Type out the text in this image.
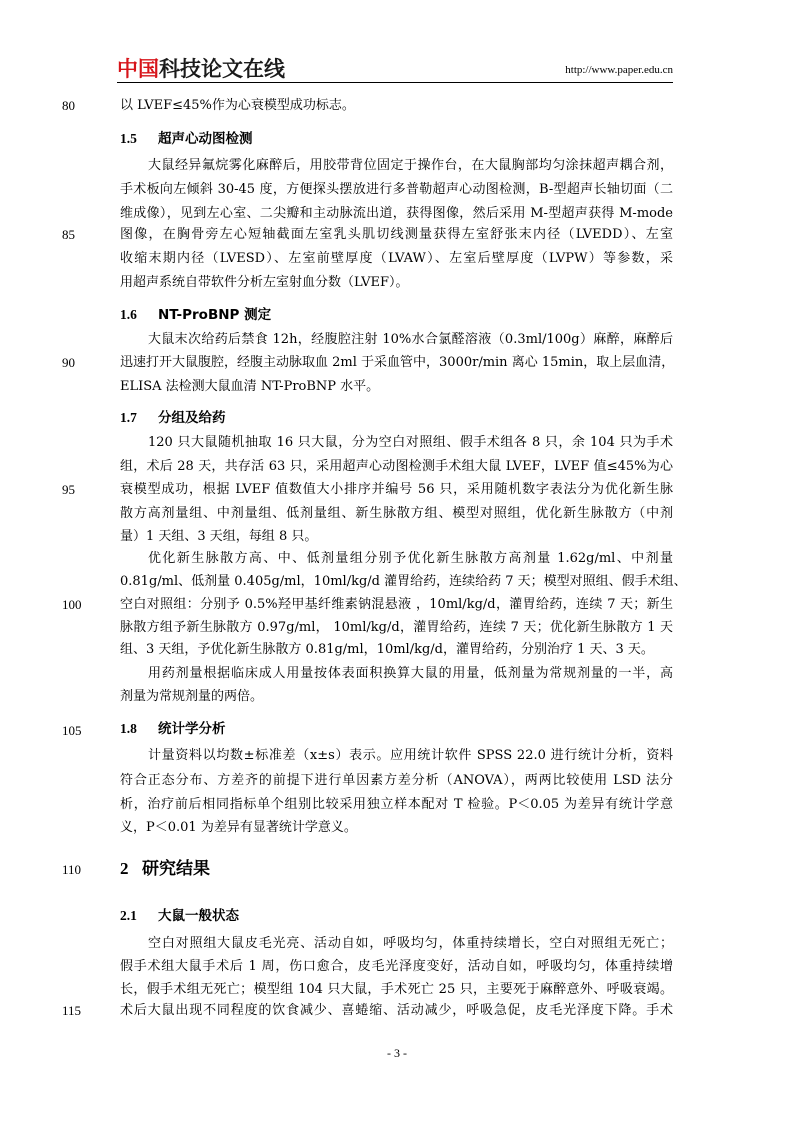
中国科技论文在线	http://www.paper.edu.cn
80
85
90
95
100
105
110
115
以 LVEF≤45%作为心衰模型成功标志。
1.5 超声心动图检测
大鼠经异氟烷雾化麻醉后，用胶带背位固定于操作台，在大鼠胸部均匀涂抹超声耦合剂，
手术板向左倾斜 30-45 度，方便探头摆放进行多普勒超声心动图检测，B-型超声长轴切面（二
维成像），见到左心室、二尖瓣和主动脉流出道，获得图像，然后采用 M-型超声获得 M-mode
图像，在胸骨旁左心短轴截面左室乳头肌切线测量获得左室舒张末内径（LVEDD）、左室
收缩末期内径（LVESD）、左室前壁厚度（LVAW）、左室后壁厚度（LVPW）等参数，采
用超声系统自带软件分析左室射血分数（LVEF）。
1.6 NT-ProBNP 测定
大鼠末次给药后禁食 12h，经腹腔注射 10%水合氯醛溶液（0.3ml/100g）麻醉，麻醉后
迅速打开大鼠腹腔，经腹主动脉取血 2ml 于采血管中，3000r/min 离心 15min，取上层血清，
ELISA 法检测大鼠血清 NT-ProBNP 水平。
1.7 分组及给药
120 只大鼠随机抽取 16 只大鼠，分为空白对照组、假手术组各 8 只，余 104 只为手术
组，术后 28 天，共存活 63 只，采用超声心动图检测手术组大鼠 LVEF，LVEF 值≤45%为心
衰模型成功，根据 LVEF 值数值大小排序并编号 56 只，采用随机数字表法分为优化新生脉
散方高剂量组、中剂量组、低剂量组、新生脉散方组、模型对照组，优化新生脉散方（中剂
量）1 天组、3 天组，每组 8 只。
优化新生脉散方高、中、低剂量组分别予优化新生脉散方高剂量 1.62g/ml、中剂量
0.81g/ml、低剂量 0.405g/ml，10ml/kg/d 灌胃给药，连续给药 7 天；模型对照组、假手术组、
空白对照组：分别予 0.5%羟甲基纤维素钠混悬液 ，10ml/kg/d，灌胃给药，连续 7 天；新生
脉散方组予新生脉散方 0.97g/ml， 10ml/kg/d，灌胃给药，连续 7 天；优化新生脉散方 1 天
组、3 天组，予优化新生脉散方 0.81g/ml，10ml/kg/d，灌胃给药，分别治疗 1 天、3 天。
用药剂量根据临床成人用量按体表面积换算大鼠的用量，低剂量为常规剂量的一半，高
剂量为常规剂量的两倍。
1.8 统计学分析
计量资料以均数±标准差（x±s）表示。应用统计软件 SPSS 22.0 进行统计分析，资料
符合正态分布、方差齐的前提下进行单因素方差分析（ANOVA），两两比较使用 LSD 法分
析，治疗前后相同指标单个组别比较采用独立样本配对 T 检验。P＜0.05 为差异有统计学意
义，P＜0.01 为差异有显著统计学意义。
2 研究结果
2.1 大鼠一般状态
空白对照组大鼠皮毛光亮、活动自如，呼吸均匀，体重持续增长，空白对照组无死亡；
假手术组大鼠手术后 1 周，伤口愈合，皮毛光泽度变好，活动自如，呼吸均匀，体重持续增
长，假手术组无死亡；模型组 104 只大鼠，手术死亡 25 只，主要死于麻醉意外、呼吸衰竭。
术后大鼠出现不同程度的饮食减少、喜蜷缩、活动减少，呼吸急促，皮毛光泽度下降。手术
- 3 -
